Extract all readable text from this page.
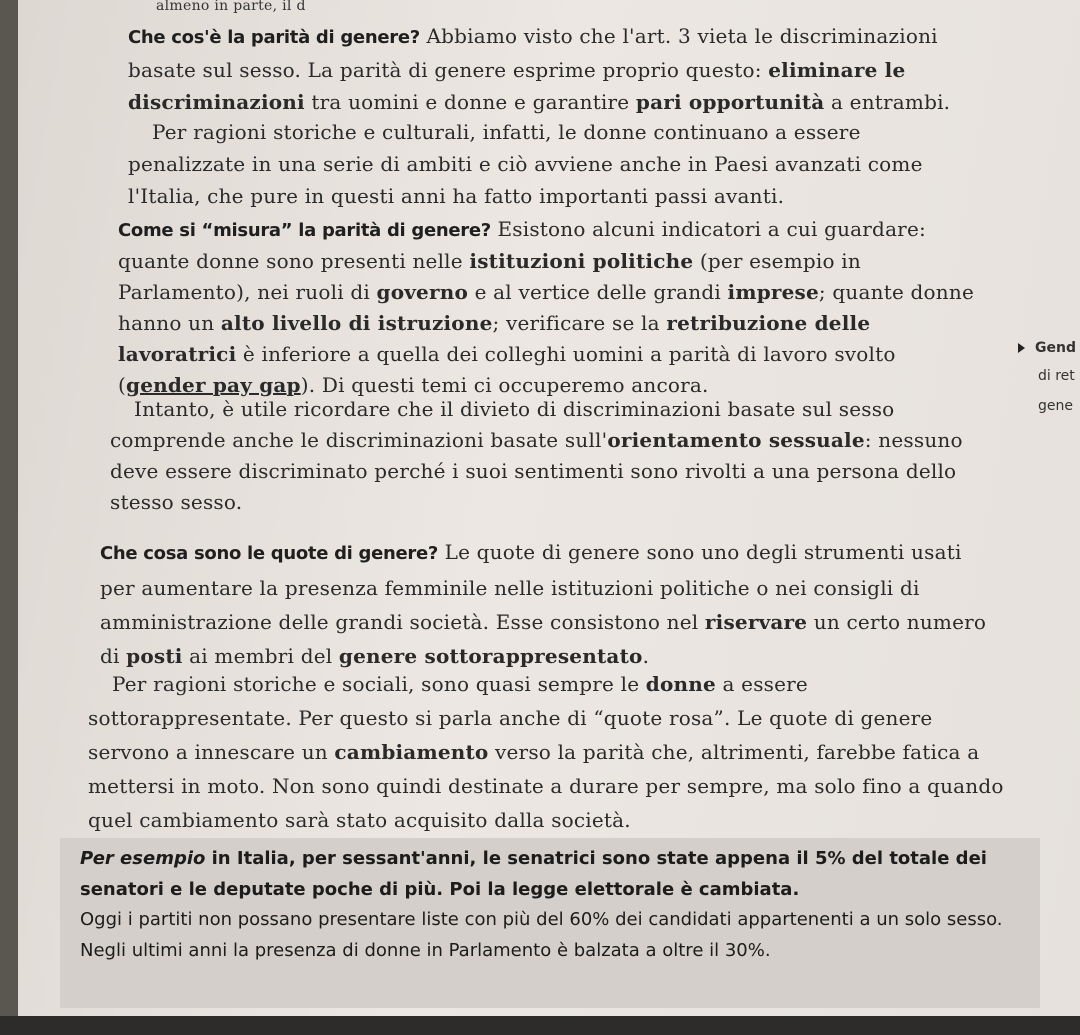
almeno in parte, il d

Che cos'è la parità di genere? Abbiamo visto che l'art. 3 vieta le discriminazioni basate sul sesso. La parità di genere esprime proprio questo: eliminare le discriminazioni tra uomini e donne e garantire pari opportunità a entrambi.

Per ragioni storiche e culturali, infatti, le donne continuano a essere penalizzate in una serie di ambiti e ciò avviene anche in Paesi avanzati come l'Italia, che pure in questi anni ha fatto importanti passi avanti.

Come si “misura” la parità di genere? Esistono alcuni indicatori a cui guardare: quante donne sono presenti nelle istituzioni politiche (per esempio in Parlamento), nei ruoli di governo e al vertice delle grandi imprese; quante donne hanno un alto livello di istruzione; verificare se la retribuzione delle lavoratrici è inferiore a quella dei colleghi uomini a parità di lavoro svolto (gender pay gap). Di questi temi ci occuperemo ancora.

Intanto, è utile ricordare che il divieto di discriminazioni basate sul sesso comprende anche le discriminazioni basate sull'orientamento sessuale: nessuno deve essere discriminato perché i suoi sentimenti sono rivolti a una persona dello stesso sesso.

Gend
di ret
gene

Che cosa sono le quote di genere? Le quote di genere sono uno degli strumenti usati per aumentare la presenza femminile nelle istituzioni politiche o nei consigli di amministrazione delle grandi società. Esse consistono nel riservare un certo numero di posti ai membri del genere sottorappresentato.

Per ragioni storiche e sociali, sono quasi sempre le donne a essere sottorappresentate. Per questo si parla anche di “quote rosa”. Le quote di genere servono a innescare un cambiamento verso la parità che, altrimenti, farebbe fatica a mettersi in moto. Non sono quindi destinate a durare per sempre, ma solo fino a quando quel cambiamento sarà stato acquisito dalla società.

Per esempio in Italia, per sessant'anni, le senatrici sono state appena il 5% del totale dei senatori e le deputate poche di più. Poi la legge elettorale è cambiata.
Oggi i partiti non possano presentare liste con più del 60% dei candidati appartenenti a un solo sesso. Negli ultimi anni la presenza di donne in Parlamento è balzata a oltre il 30%.
